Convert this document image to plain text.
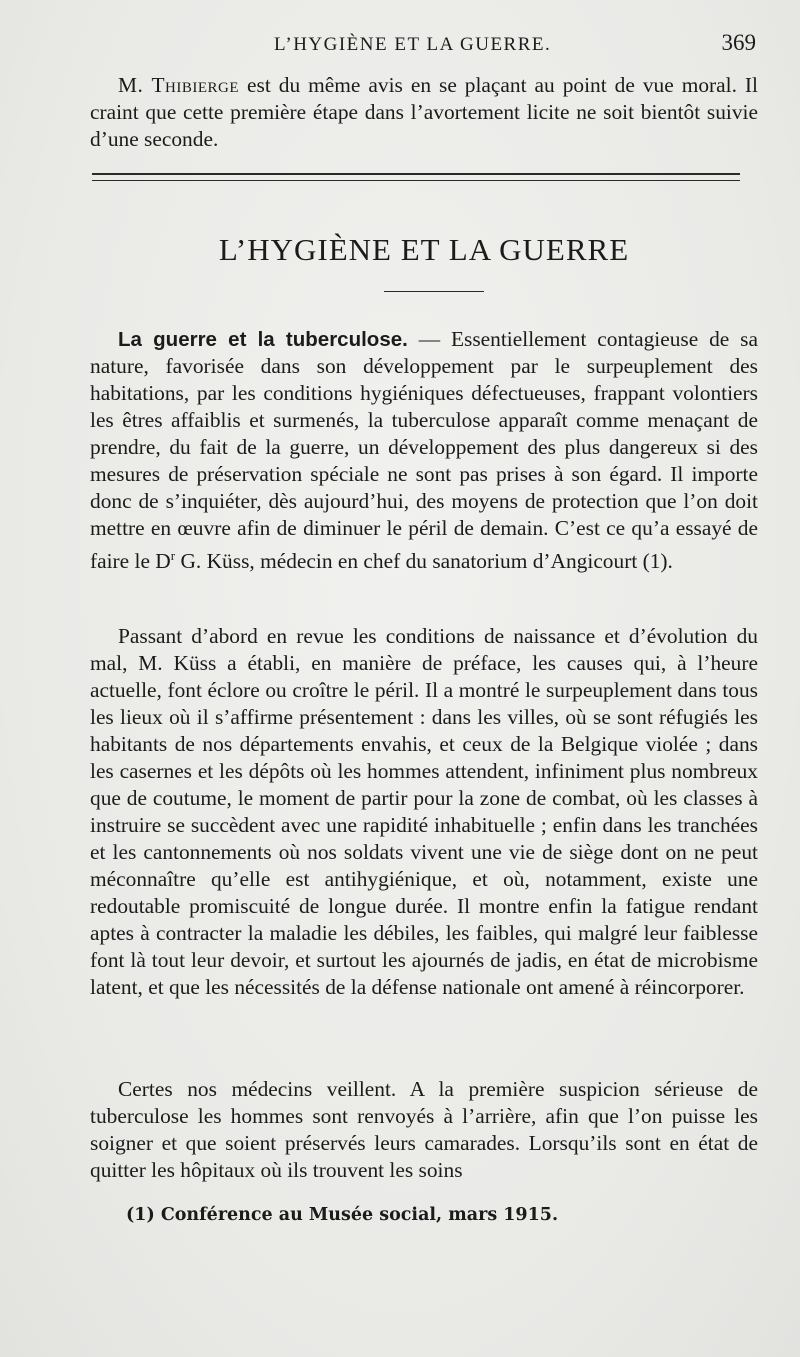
L’HYGIÈNE ET LA GUERRE.	369

M. Thibierge est du même avis en se plaçant au point de vue moral. Il craint que cette première étape dans l’avortement licite ne soit bientôt suivie d’une seconde.

L’HYGIÈNE ET LA GUERRE

La guerre et la tuberculose. — Essentiellement contagieuse de sa nature, favorisée dans son développement par le surpeuplement des habitations, par les conditions hygiéniques défectueuses, frappant volontiers les êtres affaiblis et surmenés, la tuberculose apparaît comme menaçant de prendre, du fait de la guerre, un développement des plus dangereux si des mesures de préservation spéciale ne sont pas prises à son égard. Il importe donc de s’inquiéter, dès aujourd’hui, des moyens de protection que l’on doit mettre en œuvre afin de diminuer le péril de demain. C’est ce qu’a essayé de faire le $D^r$ G. Küss, médecin en chef du sanatorium d’Angicourt (1).

Passant d’abord en revue les conditions de naissance et d’évolution du mal, M. Küss a établi, en manière de préface, les causes qui, à l’heure actuelle, font éclore ou croître le péril. Il a montré le surpeuplement dans tous les lieux où il s’affirme présentement : dans les villes, où se sont réfugiés les habitants de nos départements envahis, et ceux de la Belgique violée ; dans les casernes et les dépôts où les hommes attendent, infiniment plus nombreux que de coutume, le moment de partir pour la zone de combat, où les classes à instruire se succèdent avec une rapidité inhabituelle ; enfin dans les tranchées et les cantonnements où nos soldats vivent une vie de siège dont on ne peut méconnaître qu’elle est antihygiénique, et où, notamment, existe une redoutable promiscuité de longue durée. Il montre enfin la fatigue rendant aptes à contracter la maladie les débiles, les faibles, qui malgré leur faiblesse font là tout leur devoir, et surtout les ajournés de jadis, en état de microbisme latent, et que les nécessités de la défense nationale ont amené à réincorporer.

Certes nos médecins veillent. A la première suspicion sérieuse de tuberculose les hommes sont renvoyés à l’arrière, afin que l’on puisse les soigner et que soient préservés leurs camarades. Lorsqu’ils sont en état de quitter les hôpitaux où ils trouvent les soins

(1) Conférence au Musée social, mars 1915.
